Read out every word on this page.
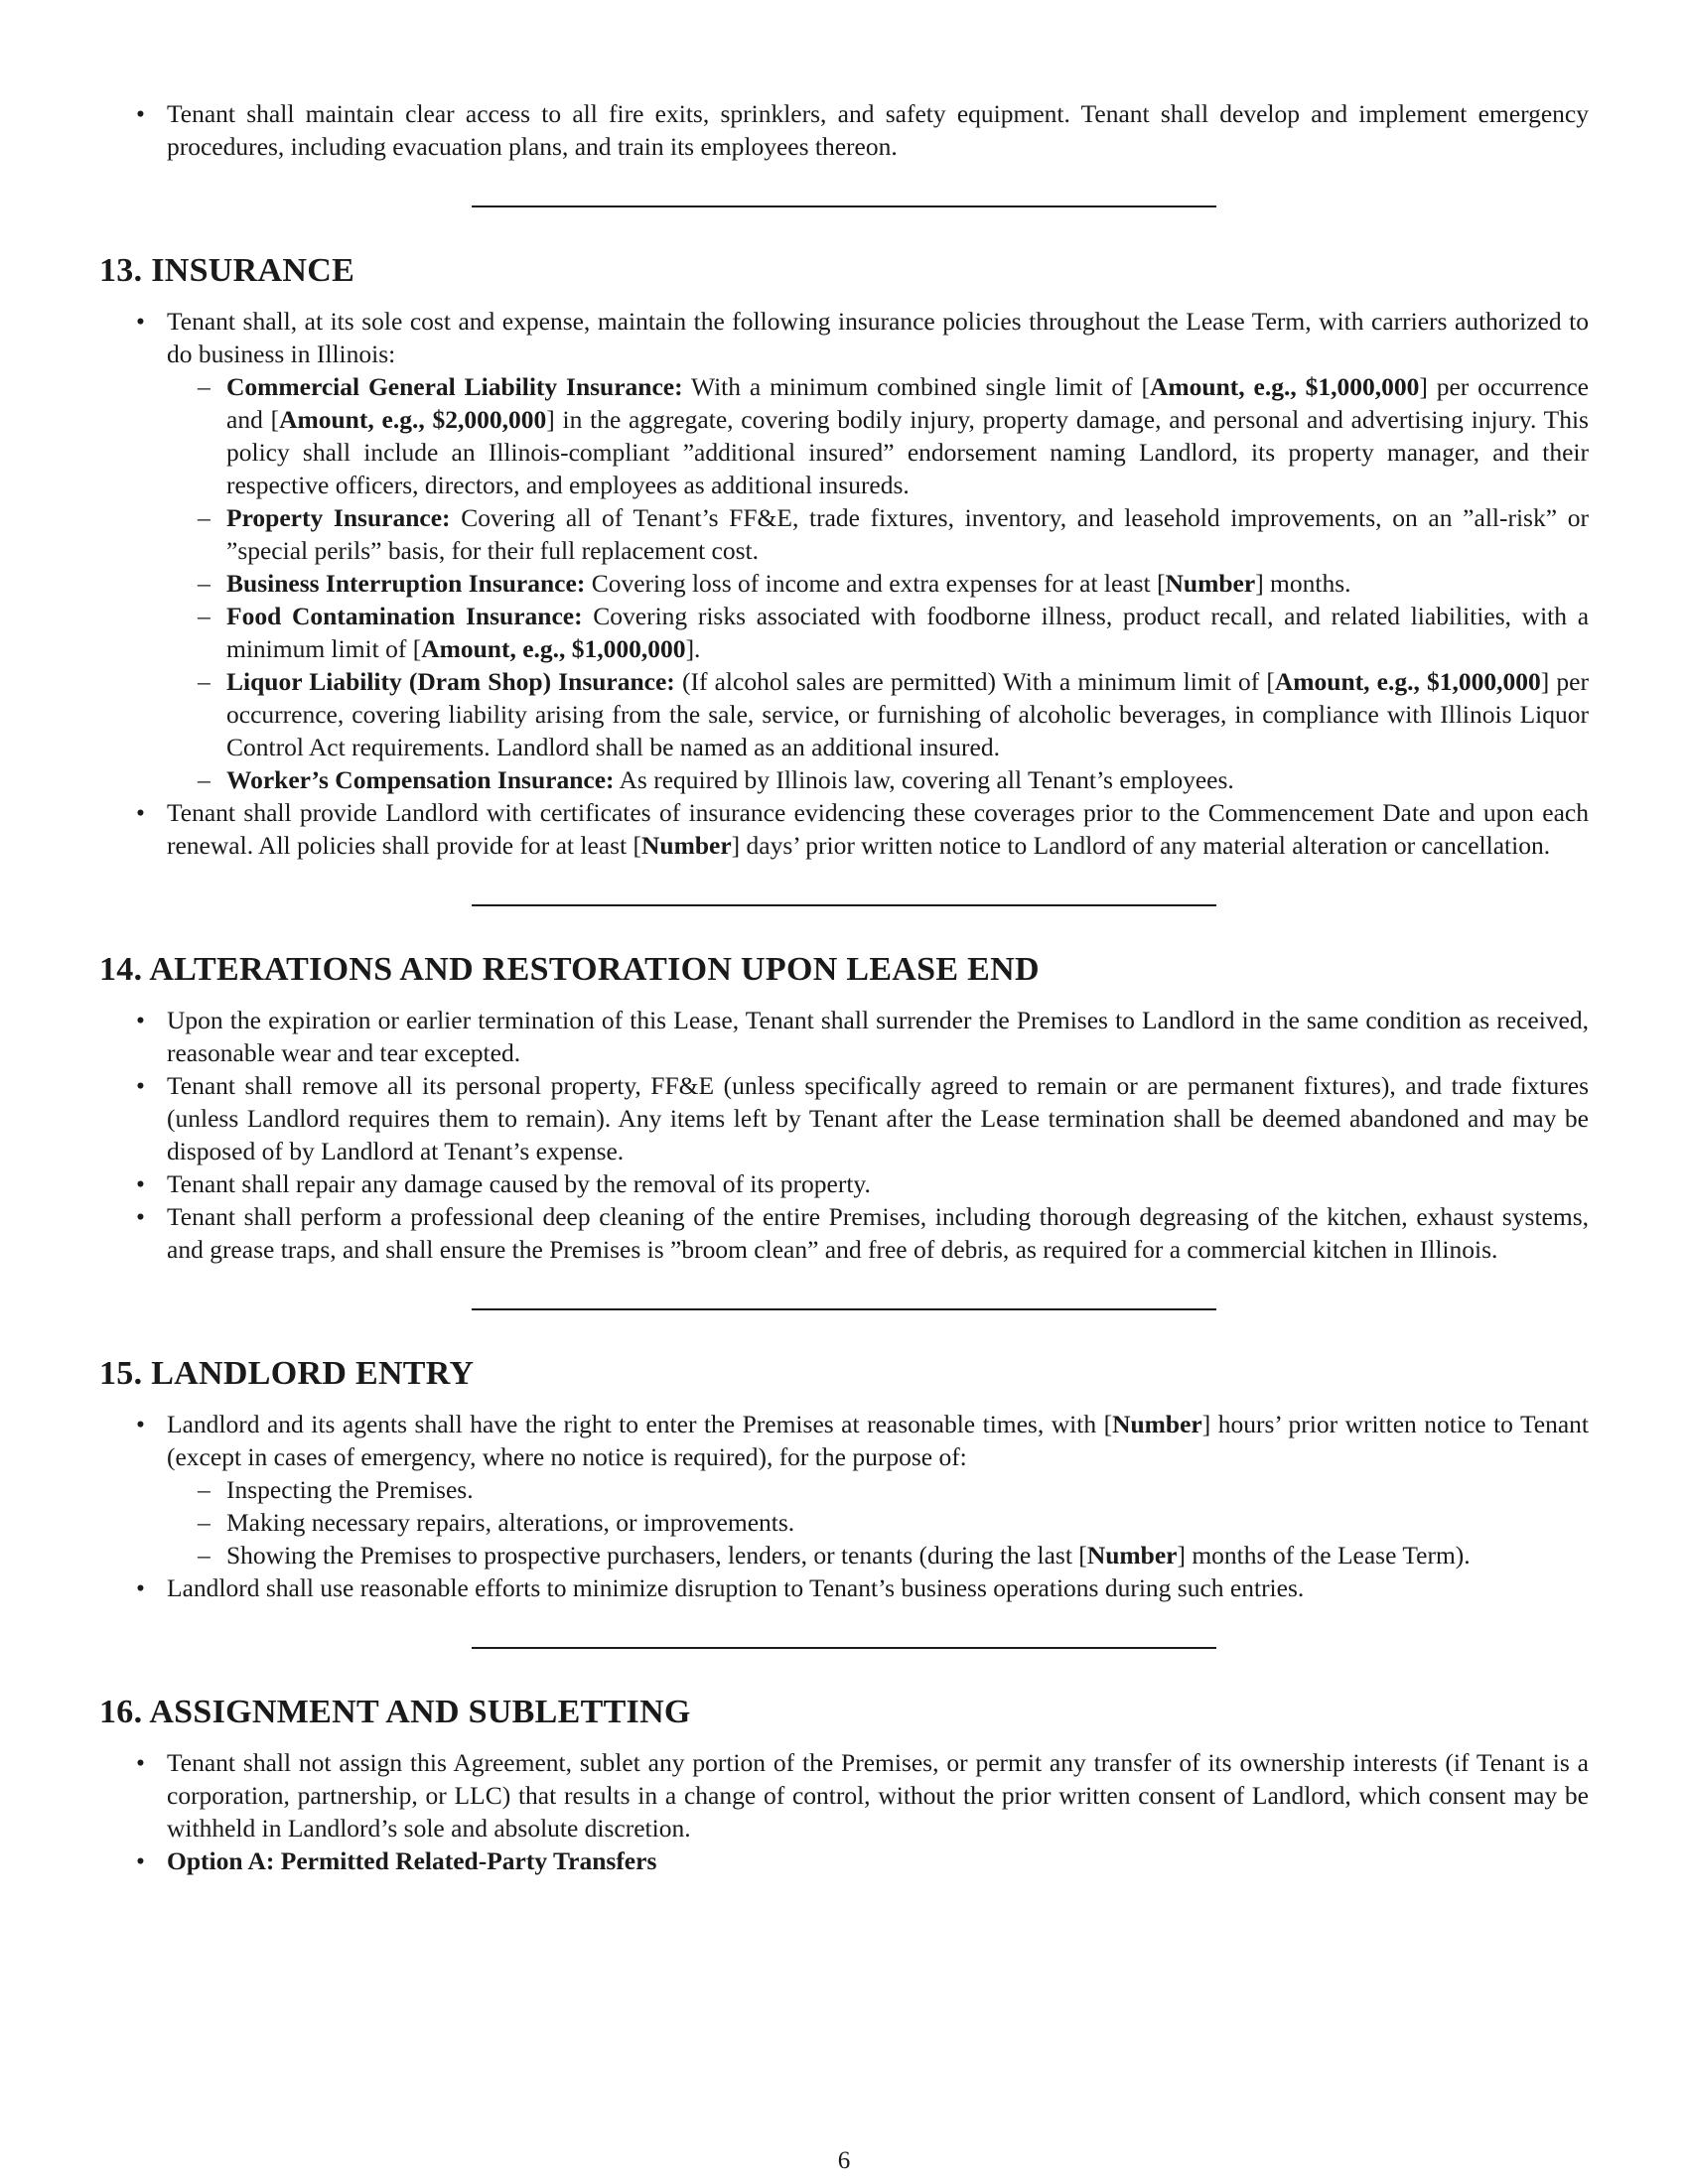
• Tenant shall maintain clear access to all fire exits, sprinklers, and safety equipment. Tenant shall develop and implement emergency procedures, including evacuation plans, and train its employees thereon.
13. INSURANCE
• Tenant shall, at its sole cost and expense, maintain the following insurance policies throughout the Lease Term, with carriers authorized to do business in Illinois:
– Commercial General Liability Insurance: With a minimum combined single limit of [Amount, e.g., $1,000,000] per occurrence and [Amount, e.g., $2,000,000] in the aggregate, covering bodily injury, property damage, and personal and advertising injury. This policy shall include an Illinois-compliant ”additional insured” endorsement naming Landlord, its property manager, and their respective officers, directors, and employees as additional insureds.
– Property Insurance: Covering all of Tenant’s FF&E, trade fixtures, inventory, and leasehold improvements, on an ”all-risk” or ”special perils” basis, for their full replacement cost.
– Business Interruption Insurance: Covering loss of income and extra expenses for at least [Number] months.
– Food Contamination Insurance: Covering risks associated with foodborne illness, product recall, and related liabilities, with a minimum limit of [Amount, e.g., $1,000,000].
– Liquor Liability (Dram Shop) Insurance: (If alcohol sales are permitted) With a minimum limit of [Amount, e.g., $1,000,000] per occurrence, covering liability arising from the sale, service, or furnishing of alcoholic beverages, in compliance with Illinois Liquor Control Act requirements. Landlord shall be named as an additional insured.
– Worker’s Compensation Insurance: As required by Illinois law, covering all Tenant’s employees.
• Tenant shall provide Landlord with certificates of insurance evidencing these coverages prior to the Commencement Date and upon each renewal. All policies shall provide for at least [Number] days’ prior written notice to Landlord of any material alteration or cancellation.
14. ALTERATIONS AND RESTORATION UPON LEASE END
• Upon the expiration or earlier termination of this Lease, Tenant shall surrender the Premises to Landlord in the same condition as received, reasonable wear and tear excepted.
• Tenant shall remove all its personal property, FF&E (unless specifically agreed to remain or are permanent fixtures), and trade fixtures (unless Landlord requires them to remain). Any items left by Tenant after the Lease termination shall be deemed abandoned and may be disposed of by Landlord at Tenant’s expense.
• Tenant shall repair any damage caused by the removal of its property.
• Tenant shall perform a professional deep cleaning of the entire Premises, including thorough degreasing of the kitchen, exhaust systems, and grease traps, and shall ensure the Premises is ”broom clean” and free of debris, as required for a commercial kitchen in Illinois.
15. LANDLORD ENTRY
• Landlord and its agents shall have the right to enter the Premises at reasonable times, with [Number] hours’ prior written notice to Tenant (except in cases of emergency, where no notice is required), for the purpose of:
– Inspecting the Premises.
– Making necessary repairs, alterations, or improvements.
– Showing the Premises to prospective purchasers, lenders, or tenants (during the last [Number] months of the Lease Term).
• Landlord shall use reasonable efforts to minimize disruption to Tenant’s business operations during such entries.
16. ASSIGNMENT AND SUBLETTING
• Tenant shall not assign this Agreement, sublet any portion of the Premises, or permit any transfer of its ownership interests (if Tenant is a corporation, partnership, or LLC) that results in a change of control, without the prior written consent of Landlord, which consent may be withheld in Landlord’s sole and absolute discretion.
• Option A: Permitted Related-Party Transfers
6
